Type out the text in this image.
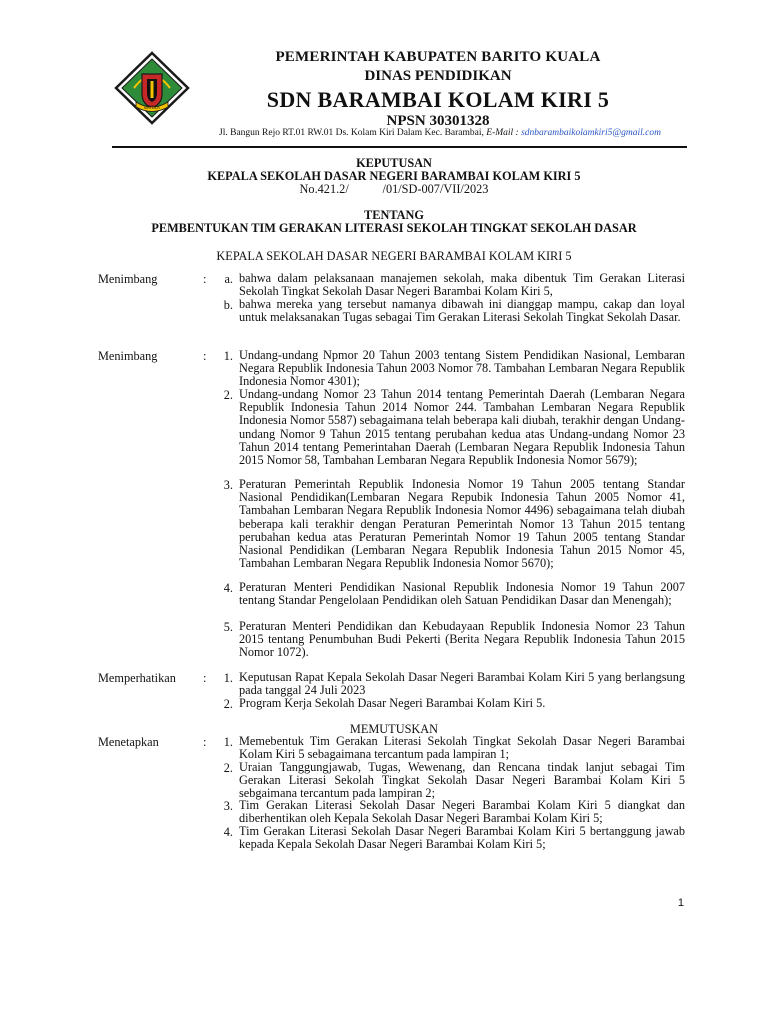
BATOLA
PEMERINTAH KABUPATEN BARITO KUALA
DINAS PENDIDIKAN
SDN BARAMBAI KOLAM KIRI 5
NPSN 30301328
Jl. Bangun Rejo RT.01 RW.01 Ds. Kolam Kiri Dalam Kec. Barambai, E-Mail : sdnbarambaikolamkiri5@gmail.com
KEPUTUSAN
KEPALA SEKOLAH DASAR NEGERI BARAMBAI KOLAM KIRI 5
No.421.2/           /01/SD-007/VII/2023
TENTANG
PEMBENTUKAN TIM GERAKAN LITERASI SEKOLAH TINGKAT SEKOLAH DASAR
KEPALA SEKOLAH DASAR NEGERI BARAMBAI KOLAM KIRI 5
Menimbang	:	a. bahwa dalam pelaksanaan manajemen sekolah, maka dibentuk Tim Gerakan Literasi Sekolah Tingkat Sekolah Dasar Negeri Barambai Kolam Kiri 5,
b. bahwa mereka yang tersebut namanya dibawah ini dianggap mampu, cakap dan loyal untuk melaksanakan Tugas sebagai Tim Gerakan Literasi Sekolah Tingkat Sekolah Dasar.
Menimbang	:	1. Undang-undang Npmor 20 Tahun 2003 tentang Sistem Pendidikan Nasional, Lembaran Negara Republik Indonesia Tahun 2003 Nomor 78. Tambahan Lembaran Negara Republik Indonesia Nomor 4301);
2. Undang-undang Nomor 23 Tahun 2014 tentang Pemerintah Daerah (Lembaran Negara Republik Indonesia Tahun 2014 Nomor 244. Tambahan Lembaran Negara Republik Indonesia Nomor 5587) sebagaimana telah beberapa kali diubah, terakhir dengan Undang-undang Nomor 9 Tahun 2015 tentang perubahan kedua atas Undang-undang Nomor 23 Tahun 2014 tentang Pemerintahan Daerah (Lembaran Negara Republik Indonesia Tahun 2015 Nomor 58, Tambahan Lembaran Negara Republik Indonesia Nomor 5679);
3. Peraturan Pemerintah Republik Indonesia Nomor 19 Tahun 2005 tentang Standar Nasional Pendidikan(Lembaran Negara Repubik Indonesia Tahun 2005 Nomor 41, Tambahan Lembaran Negara Republik Indonesia Nomor 4496) sebagaimana telah diubah beberapa kali terakhir dengan Peraturan Pemerintah Nomor 13 Tahun 2015 tentang perubahan kedua atas Peraturan Pemerintah Nomor 19 Tahun 2005 tentang Standar Nasional Pendidikan (Lembaran Negara Republik Indonesia Tahun 2015 Nomor 45, Tambahan Lembaran Negara Republik Indonesia Nomor 5670);
4. Peraturan Menteri Pendidikan Nasional Republik Indonesia Nomor 19 Tahun 2007 tentang Standar Pengelolaan Pendidikan oleh Satuan Pendidikan Dasar dan Menengah);
5. Peraturan Menteri Pendidikan dan Kebudayaan Republik Indonesia Nomor 23 Tahun 2015 tentang Penumbuhan Budi Pekerti (Berita Negara Republik Indonesia Tahun 2015 Nomor 1072).
Memperhatikan :	1. Keputusan Rapat Kepala Sekolah Dasar Negeri Barambai Kolam Kiri 5 yang berlangsung pada tanggal 24 Juli 2023
2. Program Kerja Sekolah Dasar Negeri Barambai Kolam Kiri 5.
MEMUTUSKAN
Menetapkan	:	1. Memebentuk Tim Gerakan Literasi Sekolah Tingkat Sekolah Dasar Negeri Barambai Kolam Kiri 5 sebagaimana tercantum pada lampiran 1;
2. Uraian Tanggungjawab, Tugas, Wewenang, dan Rencana tindak lanjut sebagai Tim Gerakan Literasi Sekolah Tingkat Sekolah Dasar Negeri Barambai Kolam Kiri 5 sebgaimana tercantum pada lampiran 2;
3. Tim Gerakan Literasi Sekolah Dasar Negeri Barambai Kolam Kiri 5 diangkat dan diberhentikan oleh Kepala Sekolah Dasar Negeri Barambai Kolam Kiri 5;
4. Tim Gerakan Literasi Sekolah Dasar Negeri Barambai Kolam Kiri 5 bertanggung jawab kepada Kepala Sekolah Dasar Negeri Barambai Kolam Kiri 5;
1
